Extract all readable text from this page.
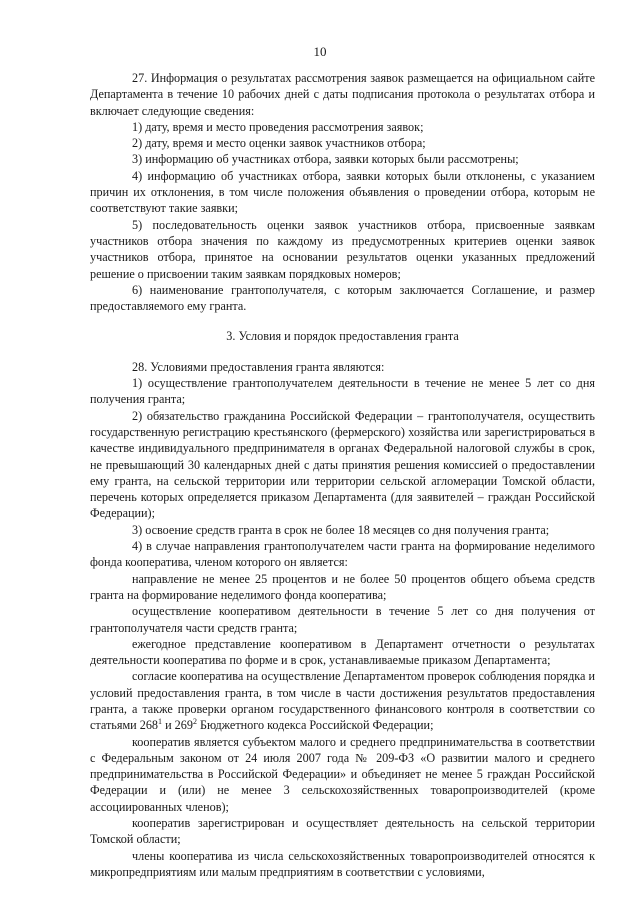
10

27. Информация о результатах рассмотрения заявок размещается на официальном сайте Департамента в течение 10 рабочих дней с даты подписания протокола о результатах отбора и включает следующие сведения:

1) дату, время и место проведения рассмотрения заявок;

2) дату, время и место оценки заявок участников отбора;

3) информацию об участниках отбора, заявки которых были рассмотрены;

4) информацию об участниках отбора, заявки которых были отклонены, с указанием причин их отклонения, в том числе положения объявления о проведении отбора, которым не соответствуют такие заявки;

5) последовательность оценки заявок участников отбора, присвоенные заявкам участников отбора значения по каждому из предусмотренных критериев оценки заявок участников отбора, принятое на основании результатов оценки указанных предложений решение о присвоении таким заявкам порядковых номеров;

6) наименование грантополучателя, с которым заключается Соглашение, и размер предоставляемого ему гранта.

3. Условия и порядок предоставления гранта

28. Условиями предоставления гранта являются:

1) осуществление грантополучателем деятельности в течение не менее 5 лет со дня получения гранта;

2) обязательство гражданина Российской Федерации – грантополучателя, осуществить государственную регистрацию крестьянского (фермерского) хозяйства или зарегистрироваться в качестве индивидуального предпринимателя в органах Федеральной налоговой службы в срок, не превышающий 30 календарных дней с даты принятия решения комиссией о предоставлении ему гранта, на сельской территории или территории сельской агломерации Томской области, перечень которых определяется приказом Департамента (для заявителей – граждан Российской Федерации);

3) освоение средств гранта в срок не более 18 месяцев со дня получения гранта;

4) в случае направления грантополучателем части гранта на формирование неделимого фонда кооператива, членом которого он является:

направление не менее 25 процентов и не более 50 процентов общего объема средств гранта на формирование неделимого фонда кооператива;

осуществление кооперативом деятельности в течение 5 лет со дня получения от грантополучателя части средств гранта;

ежегодное представление кооперативом в Департамент отчетности о результатах деятельности кооператива по форме и в срок, устанавливаемые приказом Департамента;

согласие кооператива на осуществление Департаментом проверок соблюдения порядка и условий предоставления гранта, в том числе в части достижения результатов предоставления гранта, а также проверки органом государственного финансового контроля в соответствии со статьями $268^1$ и $269^2$ Бюджетного кодекса Российской Федерации;

кооператив является субъектом малого и среднего предпринимательства в соответствии с Федеральным законом от 24 июля 2007 года № 209-ФЗ «О развитии малого и среднего предпринимательства в Российской Федерации» и объединяет не менее 5 граждан Российской Федерации и (или) не менее 3 сельскохозяйственных товаропроизводителей (кроме ассоциированных членов);

кооператив зарегистрирован и осуществляет деятельность на сельской территории Томской области;

члены кооператива из числа сельскохозяйственных товаропроизводителей относятся к микропредприятиям или малым предприятиям в соответствии с условиями,
